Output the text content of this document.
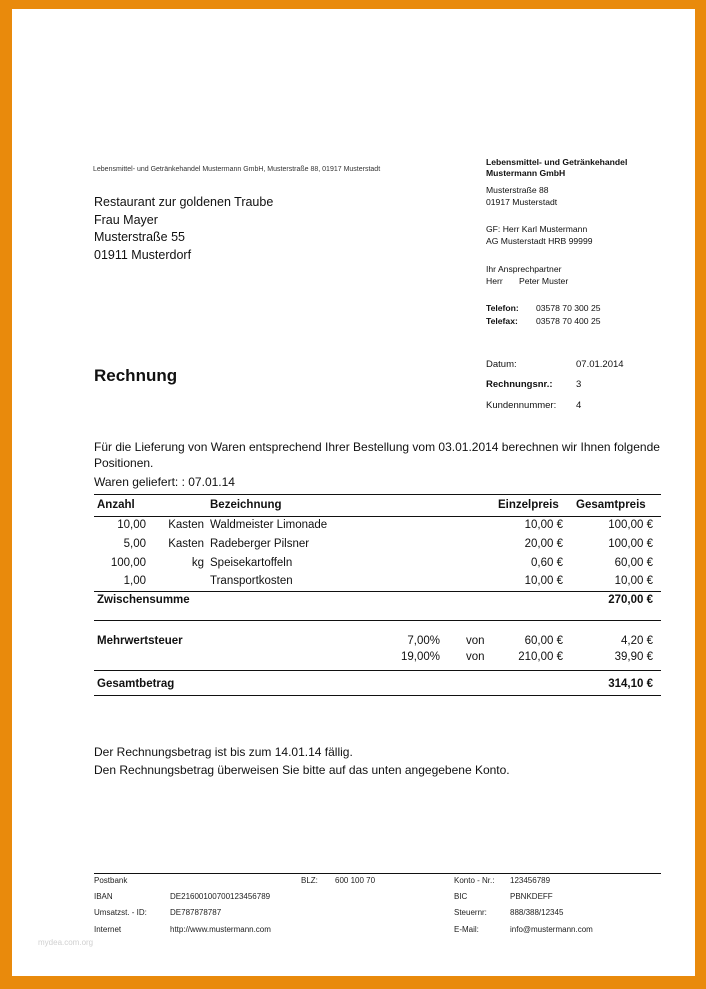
Lebensmittel- und Getränkehandel Mustermann GmbH, Musterstraße 88, 01917 Musterstadt
Restaurant zur goldenen Traube
Frau Mayer
Musterstraße 55
01911 Musterdorf
Lebensmittel- und Getränkehandel
Mustermann GmbH
Musterstraße 88
01917 Musterstadt
GF: Herr Karl Mustermann
AG Musterstadt HRB 99999
Ihr Ansprechpartner
Herr Peter Muster
Telefon: 03578 70 300 25
Telefax: 03578 70 400 25
Rechnung
Datum:	07.01.2014
Rechnungsnr.: 3
Kundennummer: 4
Für die Lieferung von Waren entsprechend Ihrer Bestellung vom 03.01.2014 berechnen wir Ihnen folgende Positionen.
Waren geliefert: : 07.01.14
Anzahl	Bezeichnung	Einzelpreis Gesamtpreis
10,00	Kasten Waldmeister Limonade	10,00 €	100,00 €
5,00	Kasten Radeberger Pilsner	20,00 €	100,00 €
100,00	kg Speisekartoffeln	0,60 €	60,00 €
1,00	Transportkosten	10,00 €	10,00 €
Zwischensumme	270,00 €
Mehrwertsteuer	7,00% von	60,00 €	4,20 €
19,00% von	210,00 €	39,90 €
Gesamtbetrag	314,10 €
Der Rechnungsbetrag ist bis zum 14.01.14 fällig.
Den Rechnungsbetrag überweisen Sie bitte auf das unten angegebene Konto.
Postbank	BLZ: 600 100 70	Konto - Nr.: 123456789
IBAN	DE21600100700123456789	BIC	PBNKDEFF
Umsatzst. - ID:	DE787878787	Steuernr:	888/388/12345
Internet	http://www.mustermann.com	E-Mail:	info@mustermann.com
mydea.com.org
